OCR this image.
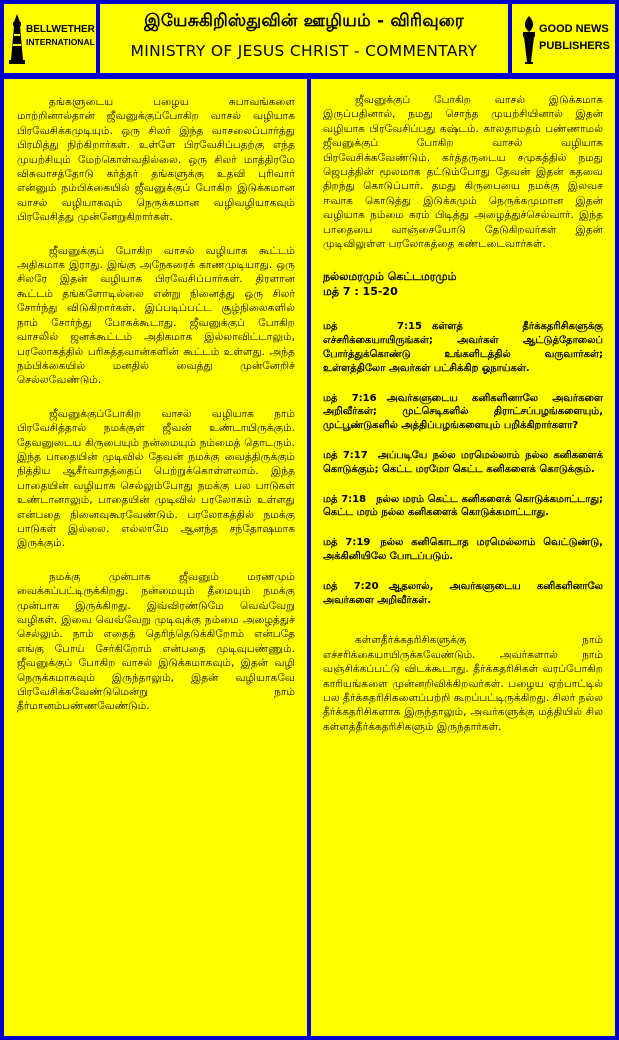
BELLWETHER
INTERNATIONAL
இயேசுகிறிஸ்துவின் ஊழியம் - விரிவுரை
MINISTRY OF JESUS CHRIST - COMMENTARY
GOOD NEWS
PUBLISHERS

தங்களுடைய பழைய சுபாவங்களை மாற்றினால்தான் ஜீவனுக்குப்போகிற வாசல் வழியாக பிரவேசிக்கமுடியும். ஒரு சிலர் இந்த வாசலைப்பார்த்து பிரமித்து நிற்கிறார்கள். உள்ளே பிரவேசிப்பதற்கு எந்த முயற்சியும் மேற்கொள்வதில்லை. ஒரு சிலர் மாத்திரமே விசுவாசத்தோடு கர்த்தர் தங்களுக்கு உதவி புரிவார் என்னும் நம்பிக்கையில் ஜீவனுக்குப் போகிற இடுக்கமான வாசல் வழியாகவும் நெருக்கமான வழிவழியாகவும் பிரவேசித்து முன்னேறுகிறார்கள்.

ஜீவனுக்குப் போகிற வாசல் வழியாக கூட்டம் அதிகமாக இராது. இங்கு அநேகரைக் காணமுடியாது. ஒரு சிலரே இதன் வழியாக பிரவேசிப்பார்கள். திரளான கூட்டம் தங்களோடில்லை என்று நினைத்து ஒரு சிலர் சோர்ந்து விடுகிறார்கள். இப்படிப்பட்ட சூழ்நிலைகளில் நாம் சோர்ந்து போகக்கூடாது. ஜீவனுக்குப் போகிற வாசலில் ஜனக்கூட்டம் அதிகமாக இல்லாவிட்டாலும், பரலோகத்தில் பரிசுத்தவான்களின் கூட்டம் உள்ளது. அந்த நம்பிக்கையில் மனதில் வைத்து முன்னேறிச் செல்லவேண்டும்.

ஜீவனுக்குப்போகிற வாசல் வழியாக நாம் பிரவேசித்தால் நமக்குள் ஜீவன் உண்டாயிருக்கும். தேவனுடைய கிருபையும் நன்மையும் நம்மைத் தொடரும். இந்த பாதையின் முடிவில் தேவன் நமக்கு வைத்திருக்கும் நித்திய ஆசீர்வாதத்தைப் பெற்றுக்கொள்ளலாம். இந்த பாதையின் வழியாக செல்லும்போது நமக்கு பல பாடுகள் உண்டானாலும், பாதையின் முடிவில் பரலோகம் உள்ளது என்பதை நினைவுகூரவேண்டும். பரலோகத்தில் நமக்கு பாடுகள் இல்லை. எல்லாமே ஆனந்த சந்தோஷமாக இருக்கும்.

நமக்கு முன்பாக ஜீவனும் மரணமும் வைக்கப்பட்டிருக்கிறது. நன்மையும் தீமையும் நமக்கு முன்பாக இருக்கிறது. இவ்விரண்டுமே வெவ்வேறு வழிகள். இவை வெவ்வேறு முடிவுக்கு நம்மை அழைத்துச் செல்லும். நாம் எதைத் தெரிந்தெடுக்கிறோம் என்பதே எங்கு போய் சேர்கிறோம் என்பதை முடிவுபண்ணும். ஜீவனுக்குப் போகிற வாசல் இடுக்கமாகவும், இதன் வழி நெருக்கமாகவும் இருந்தாலும், இதன் வழியாகவே பிரவேசிக்கவேண்டுமென்று நாம் தீர்மானம்பண்ணவேண்டும்.

ஜீவனுக்குப் போகிற வாசல் இடுக்கமாக இருப்பதினால், நமது சொந்த முயற்சியினால் இதன் வழியாக பிரவேசிப்பது கஷ்டம். காலதாமதம் பண்ணாமல் ஜீவனுக்குப் போகிற வாசல் வழியாக பிரவேசிக்கவேண்டும். கர்த்தருடைய சமுகத்தில் நமது ஜெபத்தின் மூலமாக தட்டும்போது தேவன் இதன் கதவை திறந்து கொடுப்பார். தமது கிருபையை நமக்கு இலவச ஈவாக கொடுத்து இடுக்கமும் நெருக்கமுமான இதன் வழியாக நம்மை கரம் பிடித்து அழைத்துச்செல்வார். இந்த பாதையை வாஞ்சையோடு தேடுகிறவர்கள் இதன் முடிவிலுள்ள பரலோகத்தை கண்டடைவார்கள்.

நல்லமரமும் கெட்டமரமும்
மத் 7 : 15-20

மத் 7:15 கள்ளத் தீர்க்கதரிசிகளுக்கு எச்சரிக்கையாயிருங்கள்; அவர்கள் ஆட்டுத்தோலைப் போர்த்துக்கொண்டு உங்களிடத்தில் வருவார்கள்; உள்ளத்திலோ அவர்கள் பட்சிக்கிற ஓநாய்கள்.

மத் 7:16 அவர்களுடைய கனிகளினாலே அவர்களை அறிவீர்கள்; முட்செடிகளில் திராட்சப்பழங்களையும், முட்பூண்டுகளில் அத்திப்பழங்களையும் பறிக்கிறார்களா?

மத் 7:17 அப்படியே நல்ல மரமெல்லாம் நல்ல கனிகளைக் கொடுக்கும்; கெட்ட மரமோ கெட்ட கனிகளைக் கொடுக்கும்.

மத் 7:18 நல்ல மரம் கெட்ட கனிகளைக் கொடுக்கமாட்டாது; கெட்ட மரம் நல்ல கனிகளைக் கொடுக்கமாட்டாது.

மத் 7:19 நல்ல கனிகொடாத மரமெல்லாம் வெட்டுண்டு, அக்கினியிலே போடப்படும்.

மத் 7:20 ஆதலால், அவர்களுடைய கனிகளினாலே அவர்களை அறிவீர்கள்.

கள்ளதீர்க்கதரிசிகளுக்கு நாம் எச்சரிக்கையாயிருக்கவேண்டும். அவர்களால் நாம் வஞ்சிக்கப்பட்டு விடக்கூடாது. தீர்க்கதரிசிகள் வரப்போகிற காரியங்களை முன்னறிவிக்கிறவர்கள். பழைய ஏற்பாட்டில் பல தீர்க்கதரிசிகளைப்பற்றி கூறப்பட்டிருக்கிறது. சிலர் நல்ல தீர்க்கதரிசிகளாக இருந்தாலும், அவர்களுக்கு மத்தியில் சில கள்ளத்தீர்க்கதரிசிகளும் இருந்தார்கள்.
